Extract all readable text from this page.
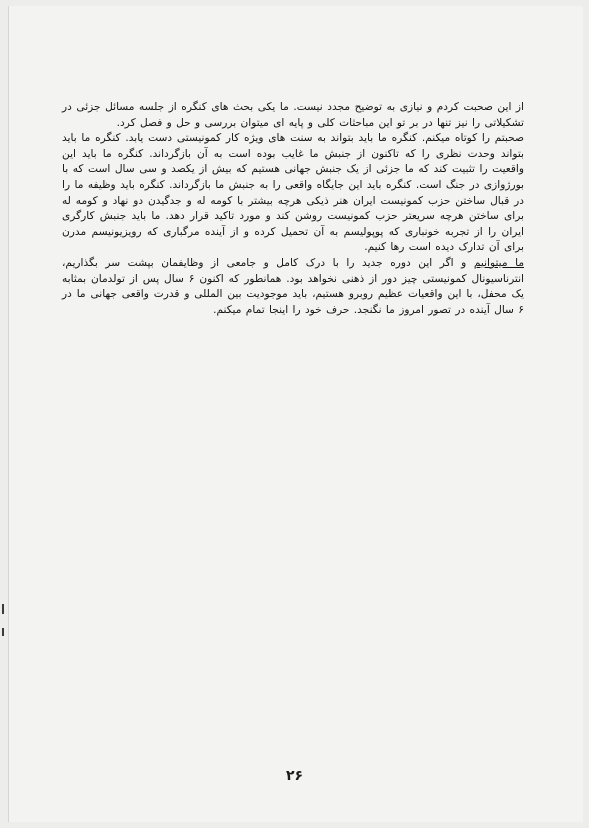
از این صحبت کردم و نیازی به توضیح مجدد نیست. ما یکی بحث های کنگره از جلسه مسائل جزئی در تشکیلاتی را نیز تنها در بر تو این مباحثات کلی و پایه ای میتوان بررسی و حل و فصل کرد.

صحبتم را کوتاه میکنم. کنگره ما باید بتواند به سنت های ویژه کار کمونیستی دست یابد. کنگره ما باید بتواند وحدت نظری را که تاکنون از جنبش ما غایب بوده است به آن بازگرداند. کنگره ما باید این واقعیت را تثبیت کند که ما جزئی از یک جنبش جهانی هستیم که بیش از یکصد و سی سال است که با بورژوازی در جنگ است. کنگره باید این جایگاه واقعی را به جنبش ما بازگرداند. کنگره باید وظیفه ما را در قبال ساختن حزب کمونیست ایران هنر ذیکی هرچه بیشتر با کومه له و جدگیدن دو نهاد و کومه له برای ساختن هرچه سریعتر حزب کمونیست روشن کند و مورد تاکید قرار دهد. ما باید جنبش کارگری ایران را از تجربه خونباری که پوپولیسم به آن تحمیل کرده و از آینده مرگباری که رویزیونیسم مدرن برای آن تدارک دیده است رها کنیم.

ما میتوانیم و اگر این دوره جدید را با درک کامل و جامعی از وظایفمان بپشت سر بگذاریم، انترناسیونال کمونیستی چیز دور از ذهنی نخواهد بود. همانطور که اکنون ۶ سال پس از تولدمان بمثابه یک محفل، با این واقعیات عظیم روبرو هستیم، باید موجودیت بین المللی و قدرت واقعی جهانی ما در ۶ سال آینده در تصور امروز ما نگنجد. حرف خود را اینجا تمام میکنم.

۲۶
